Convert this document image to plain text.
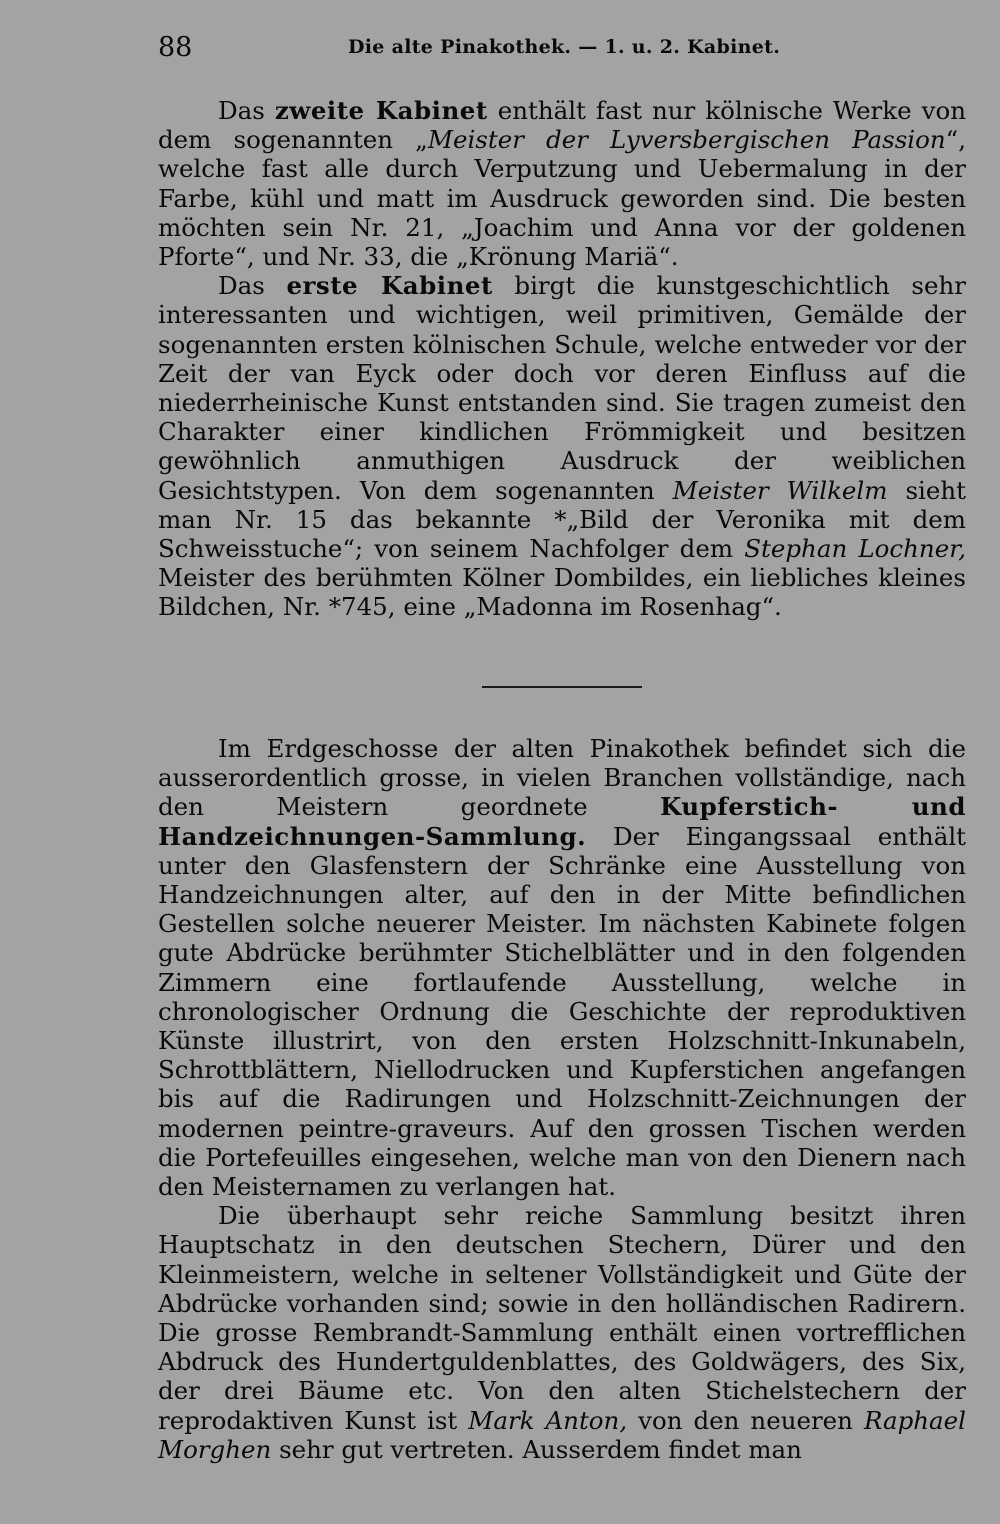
88	Die alte Pinakothek. — 1. u. 2. Kabinet.

Das zweite Kabinet enthält fast nur kölnische Werke von dem sogenannten „Meister der Lyversbergischen Passion“, welche fast alle durch Verputzung und Uebermalung in der Farbe, kühl und matt im Ausdruck geworden sind. Die besten möchten sein Nr. 21, „Joachim und Anna vor der goldenen Pforte“, und Nr. 33, die „Krönung Mariä“.

Das erste Kabinet birgt die kunstgeschichtlich sehr interessanten und wichtigen, weil primitiven, Gemälde der sogenannten ersten kölnischen Schule, welche entweder vor der Zeit der van Eyck oder doch vor deren Einfluss auf die niederrheinische Kunst entstanden sind. Sie tragen zumeist den Charakter einer kindlichen Frömmigkeit und besitzen gewöhnlich anmuthigen Ausdruck der weiblichen Gesichtstypen. Von dem sogenannten Meister Wilkelm sieht man Nr. 15 das bekannte *„Bild der Veronika mit dem Schweisstuche“; von seinem Nachfolger dem Stephan Lochner, Meister des berühmten Kölner Dombildes, ein liebliches kleines Bildchen, Nr. *745, eine „Madonna im Rosenhag“.

Im Erdgeschosse der alten Pinakothek befindet sich die ausserordentlich grosse, in vielen Branchen vollständige, nach den Meistern geordnete Kupferstich- und Handzeichnungen-Sammlung. Der Eingangssaal enthält unter den Glasfenstern der Schränke eine Ausstellung von Handzeichnungen alter, auf den in der Mitte befindlichen Gestellen solche neuerer Meister. Im nächsten Kabinete folgen gute Abdrücke berühmter Stichelblätter und in den folgenden Zimmern eine fortlaufende Ausstellung, welche in chronologischer Ordnung die Geschichte der reproduktiven Künste illustrirt, von den ersten Holzschnitt-Inkunabeln, Schrottblättern, Niellodrucken und Kupferstichen angefangen bis auf die Radirungen und Holzschnitt-Zeichnungen der modernen peintre-graveurs. Auf den grossen Tischen werden die Portefeuilles eingesehen, welche man von den Dienern nach den Meisternamen zu verlangen hat.

Die überhaupt sehr reiche Sammlung besitzt ihren Hauptschatz in den deutschen Stechern, Dürer und den Kleinmeistern, welche in seltener Vollständigkeit und Güte der Abdrücke vorhanden sind; sowie in den holländischen Radirern. Die grosse Rembrandt-Sammlung enthält einen vortrefflichen Abdruck des Hundertguldenblattes, des Goldwägers, des Six, der drei Bäume etc. Von den alten Stichelstechern der reprodaktiven Kunst ist Mark Anton, von den neueren Raphael Morghen sehr gut vertreten. Ausserdem findet man
